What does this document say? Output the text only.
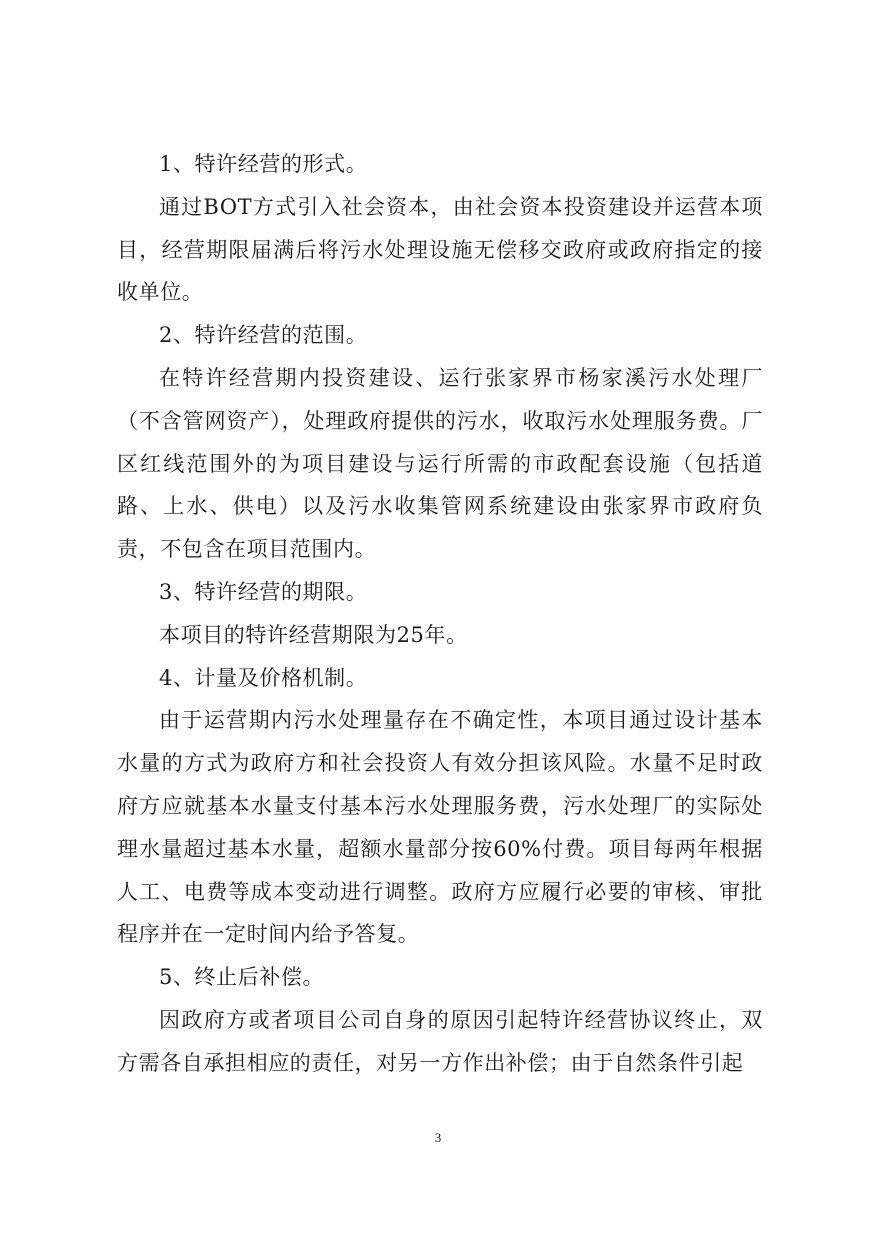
1、特许经营的形式。

通过BOT方式引入社会资本，由社会资本投资建设并运营本项目，经营期限届满后将污水处理设施无偿移交政府或政府指定的接收单位。

2、特许经营的范围。

在特许经营期内投资建设、运行张家界市杨家溪污水处理厂（不含管网资产），处理政府提供的污水，收取污水处理服务费。厂区红线范围外的为项目建设与运行所需的市政配套设施（包括道路、上水、供电）以及污水收集管网系统建设由张家界市政府负责，不包含在项目范围内。

3、特许经营的期限。

本项目的特许经营期限为25年。

4、计量及价格机制。

由于运营期内污水处理量存在不确定性，本项目通过设计基本水量的方式为政府方和社会投资人有效分担该风险。水量不足时政府方应就基本水量支付基本污水处理服务费，污水处理厂的实际处理水量超过基本水量，超额水量部分按60%付费。项目每两年根据人工、电费等成本变动进行调整。政府方应履行必要的审核、审批程序并在一定时间内给予答复。

5、终止后补偿。

因政府方或者项目公司自身的原因引起特许经营协议终止，双方需各自承担相应的责任，对另一方作出补偿；由于自然条件引起

3
